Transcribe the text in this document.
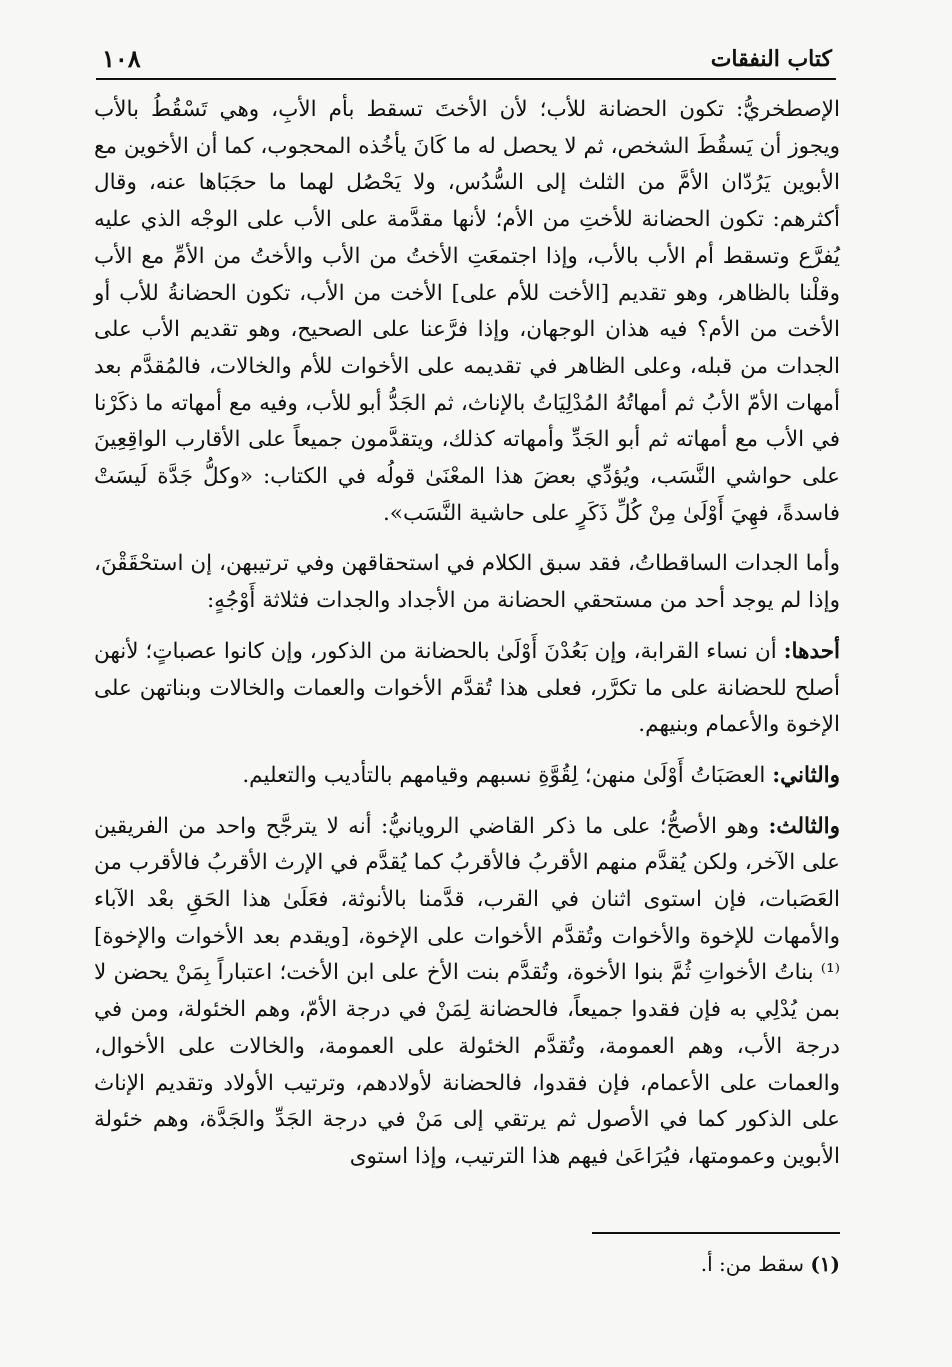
١٠٨	كتاب النفقات

الإصطخريُّ: تكون الحضانة للأب؛ لأن الأختَ تسقط بأم الأبِ، وهي تَسْقُطُ بالأب ويجوز أن يَسقُطَ الشخص، ثم لا يحصل له ما كَانَ يأخُذه المحجوب، كما أن الأخوين مع الأبوين يَرُدّان الأمَّ من الثلث إلى السُّدُس، ولا يَحْصُل لهما ما حجَبَاها عنه، وقال أكثرهم: تكون الحضانة للأختِ من الأم؛ لأنها مقدَّمة على الأب على الوجْه الذي عليه يُفرَّع وتسقط أم الأب بالأب، وإذا اجتمعَتِ الأختُ من الأب والأختُ من الأمِّ مع الأب وقلْنا بالظاهر، وهو تقديم [الأخت للأم على] الأخت من الأب، تكون الحضانةُ للأب أو الأخت من الأم؟ فيه هذان الوجهان، وإذا فرَّعنا على الصحيح، وهو تقديم الأب على الجدات من قبله، وعلى الظاهر في تقديمه على الأخوات للأم والخالات، فالمُقدَّم بعد أمهات الأمّ الأبُ ثم أمهاتُهُ المُدْلِيَاتُ بالإناث، ثم الجَدُّ أبو للأب، وفيه مع أمهاته ما ذكَرْنا في الأب مع أمهاته ثم أبو الجَدِّ وأمهاته كذلك، ويتقدَّمون جميعاً على الأقارب الواقِعِينَ على حواشي النَّسَب، ويُؤدِّي بعضَ هذا المعْنَىٰ قولُه في الكتاب: «وكلُّ جَدَّة لَيسَتْ فاسدةً، فهِيَ أَوْلَىٰ مِنْ كُلِّ ذَكَرٍ على حاشية النَّسَب».

وأما الجدات الساقطاتُ، فقد سبق الكلام في استحقاقهن وفي ترتيبهن، إن استحْقَقْنَ، وإذا لم يوجد أحد من مستحقي الحضانة من الأجداد والجدات فثلاثة أَوْجُهٍ:

أحدها: أن نساء القرابة، وإن بَعُدْنَ أَوْلَىٰ بالحضانة من الذكور، وإن كانوا عصباتٍ؛ لأنهن أصلح للحضانة على ما تكرَّر، فعلى هذا تُقدَّم الأخوات والعمات والخالات وبناتهن على الإخوة والأعمام وبنيهم.

والثاني: العصَبَاتُ أَوْلَىٰ منهن؛ لِقُوَّةِ نسبهم وقيامهم بالتأديب والتعليم.

والثالث: وهو الأصحُّ؛ على ما ذكر القاضي الرويانيُّ: أنه لا يترجَّح واحد من الفريقين على الآخر، ولكن يُقدَّم منهم الأقربُ فالأقربُ كما يُقدَّم في الإرث الأقربُ فالأقرب من العَصَبات، فإن استوى اثنان في القرب، قدَّمنا بالأنوثة، فعَلَىٰ هذا الحَقِ بعْد الآباء والأمهات للإخوة والأخوات وتُقدَّم الأخوات على الإخوة، [ويقدم بعد الأخوات والإخوة]⁽¹⁾ بناتُ الأخواتِ ثُمَّ بنوا الأخوة، وتُقدَّم بنت الأخ على ابن الأخت؛ اعتباراً بِمَنْ يحضن لا بمن يُدْلِي به فإن فقدوا جميعاً، فالحضانة لِمَنْ في درجة الأمّ، وهم الخئولة، ومن في درجة الأب، وهم العمومة، وتُقدَّم الخئولة على العمومة، والخالات على الأخوال، والعمات على الأعمام، فإن فقدوا، فالحضانة لأولادهم، وترتيب الأولاد وتقديم الإناث على الذكور كما في الأصول ثم يرتقي إلى مَنْ في درجة الجَدِّ والجَدَّة، وهم خئولة الأبوين وعمومتها، فيُرَاعَىٰ فيهم هذا الترتيب، وإذا استوى

(١) سقط من: أ.
